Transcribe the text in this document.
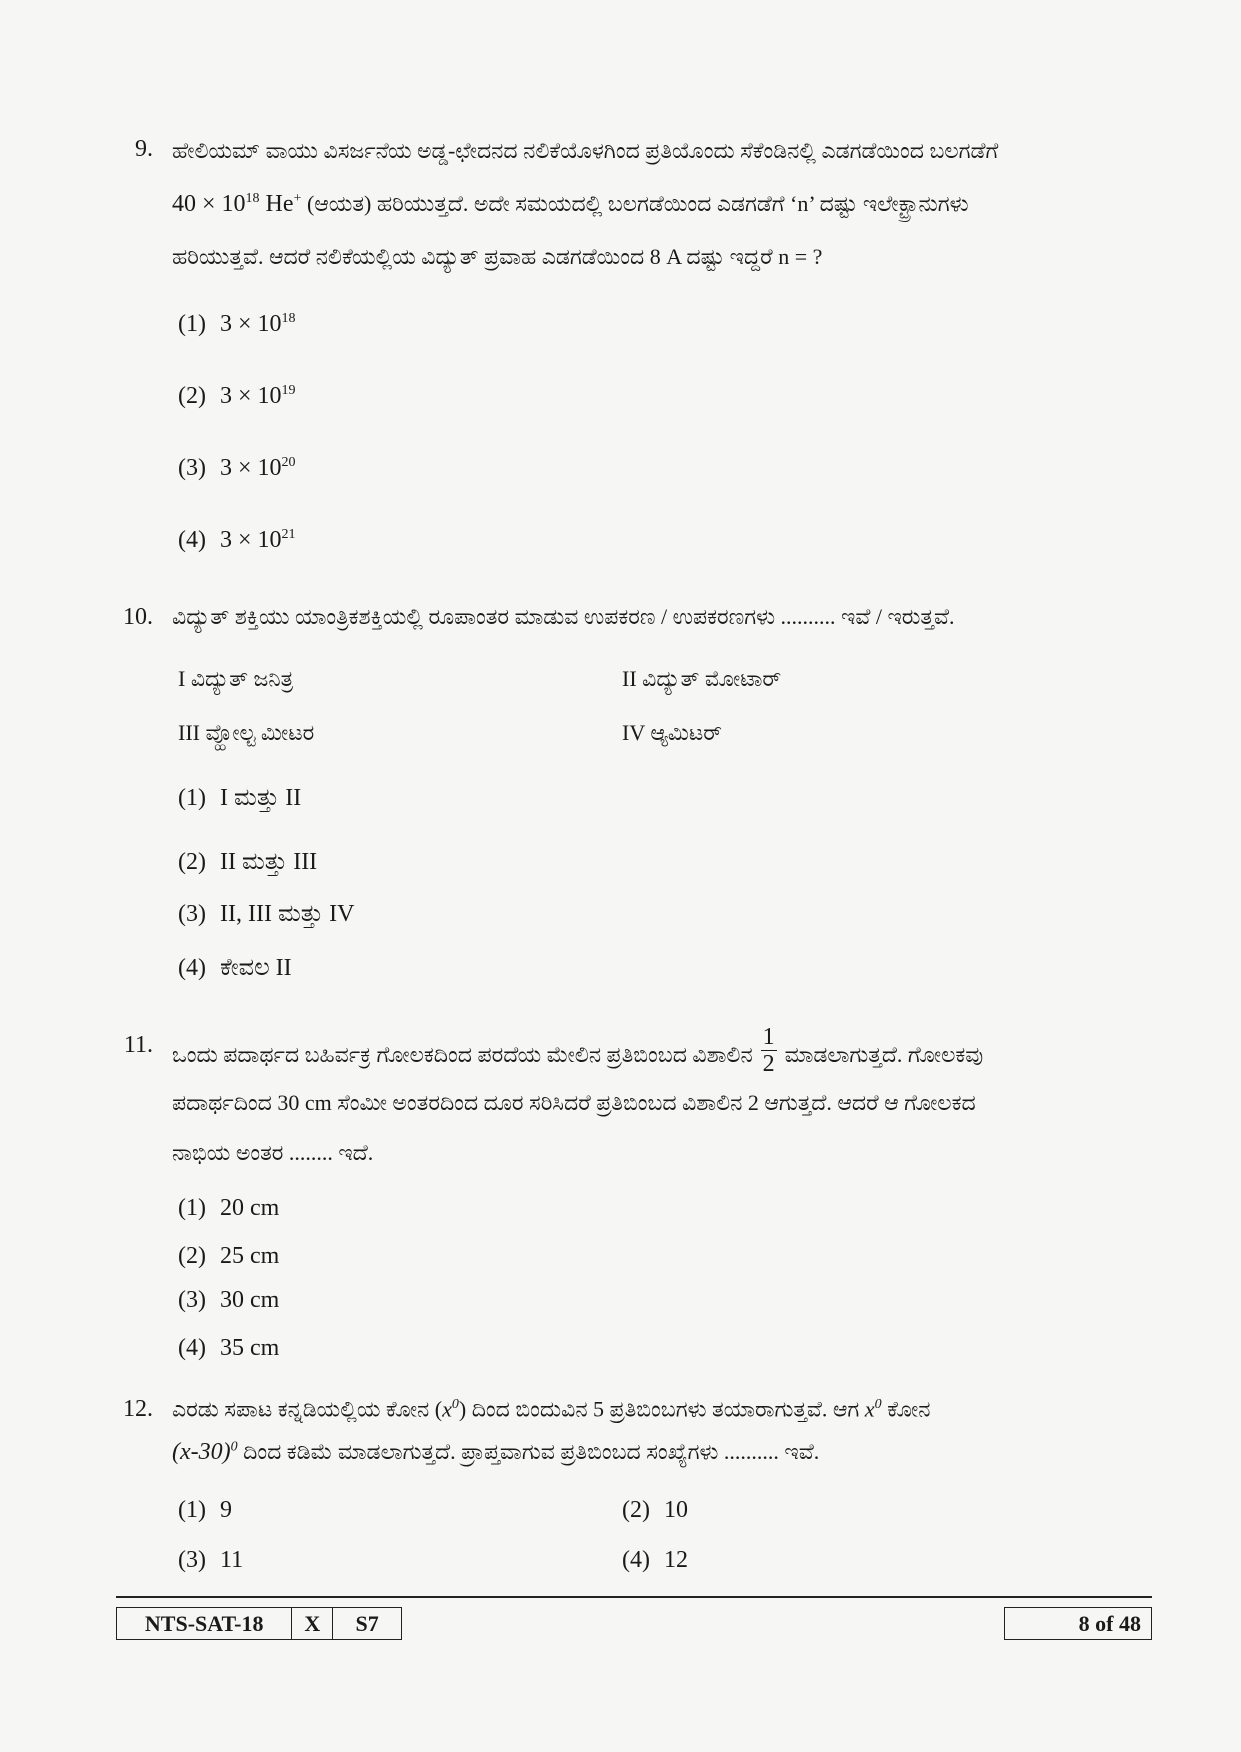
9. ಹೇಲಿಯಮ್ ವಾಯು ವಿಸರ್ಜನೆಯ ಅಡ್ಡ-ಛೇದನದ ನಲಿಕೆಯೊಳಗಿಂದ ಪ್ರತಿಯೊಂದು ಸೆಕೆಂಡಿನಲ್ಲಿ ಎಡಗಡೆಯಿಂದ ಬಲಗಡೆಗೆ
$40 \times 10^{18}$ He+ (ಆಯತ) ಹರಿಯುತ್ತದೆ. ಅದೇ ಸಮಯದಲ್ಲಿ ಬಲಗಡೆಯಿಂದ ಎಡಗಡೆಗೆ ‘n’ ದಷ್ಟು ಇಲೇಕ್ಟ್ರಾನುಗಳು
ಹರಿಯುತ್ತವೆ. ಆದರೆ ನಲಿಕೆಯಲ್ಲಿಯ ವಿದ್ಯುತ್ ಪ್ರವಾಹ ಎಡಗಡೆಯಿಂದ 8 A ದಷ್ಟು ಇದ್ದರೆ n = ?
(1) $3 \times 10^{18}$
(2) $3 \times 10^{19}$
(3) $3 \times 10^{20}$
(4) $3 \times 10^{21}$
10. ವಿದ್ಯುತ್ ಶಕ್ತಿಯು ಯಾಂತ್ರಿಕಶಕ್ತಿಯಲ್ಲಿ ರೂಪಾಂತರ ಮಾಡುವ ಉಪಕರಣ / ಉಪಕರಣಗಳು .......... ಇವೆ / ಇರುತ್ತವೆ.
I ವಿದ್ಯುತ್ ಜನಿತ್ರ	II ವಿದ್ಯುತ್ ಮೋಟಾರ್
III ವ್ಹೋಲ್ಟ ಮೀಟರ	IV ಆ್ಯಮಿಟರ್
(1) I ಮತ್ತು II
(2) II ಮತ್ತು III
(3) II, III ಮತ್ತು IV
(4) ಕೇವಲ II
11. ಒಂದು ಪದಾರ್ಥದ ಬಹಿರ್ವಕ್ರ ಗೋಲಕದಿಂದ ಪರದೆಯ ಮೇಲಿನ ಪ್ರತಿಬಿಂಬದ ವಿಶಾಲಿನ $\frac{1}{2}$ ಮಾಡಲಾಗುತ್ತದೆ. ಗೋಲಕವು
ಪದಾರ್ಥದಿಂದ 30 cm ಸೆಂಮೀ ಅಂತರದಿಂದ ದೂರ ಸರಿಸಿದರೆ ಪ್ರತಿಬಿಂಬದ ವಿಶಾಲಿನ 2 ಆಗುತ್ತದೆ. ಆದರೆ ಆ ಗೋಲಕದ
ನಾಭಿಯ ಅಂತರ ........ ಇದೆ.
(1) 20 cm
(2) 25 cm
(3) 30 cm
(4) 35 cm
12. ಎರಡು ಸಪಾಟ ಕನ್ನಡಿಯಲ್ಲಿಯ ಕೋನ $(x^0)$ ದಿಂದ ಬಿಂದುವಿನ 5 ಪ್ರತಿಬಿಂಬಗಳು ತಯಾರಾಗುತ್ತವೆ. ಆಗ $x^0$ ಕೋನ
$(x-30)^0$ ದಿಂದ ಕಡಿಮೆ ಮಾಡಲಾಗುತ್ತದೆ. ಪ್ರಾಪ್ತವಾಗುವ ಪ್ರತಿಬಿಂಬದ ಸಂಖ್ಯೆಗಳು .......... ಇವೆ.
(1) 9	(2) 10
(3) 11	(4) 12
NTS-SAT-18	X	S7	8 of 48
